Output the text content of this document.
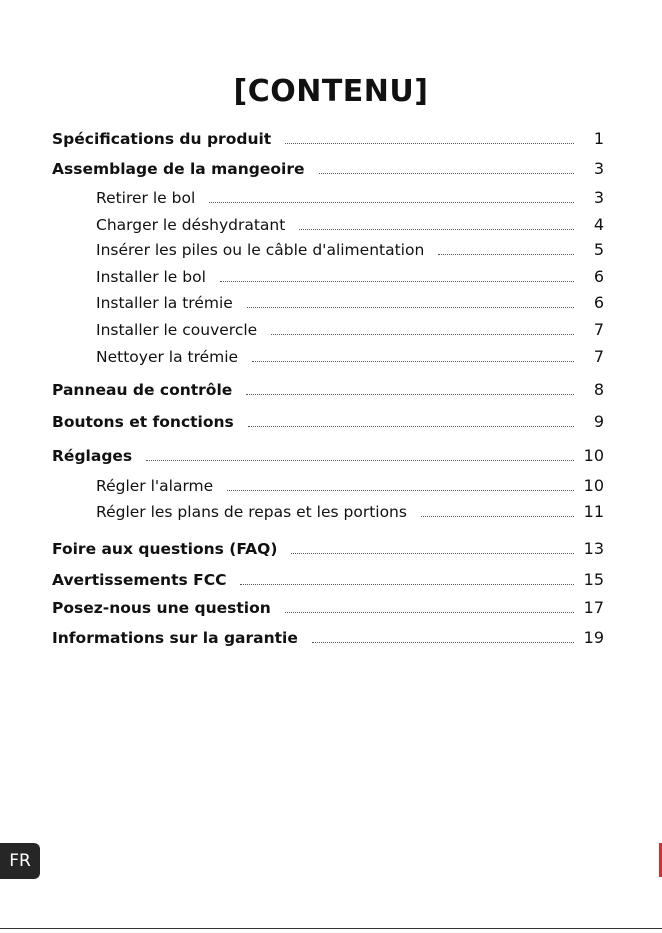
[CONTENU]
Spécifications du produit	1
Assemblage de la mangeoire	3
Retirer le bol	3
Charger le déshydratant	4
Insérer les piles ou le câble d'alimentation	5
Installer le bol	6
Installer la trémie	6
Installer le couvercle	7
Nettoyer la trémie	7
Panneau de contrôle	8
Boutons et fonctions	9
Réglages	10
Régler l'alarme	10
Régler les plans de repas et les portions	11
Foire aux questions (FAQ)	13
Avertissements FCC	15
Posez-nous une question	17
Informations sur la garantie	19
FR
